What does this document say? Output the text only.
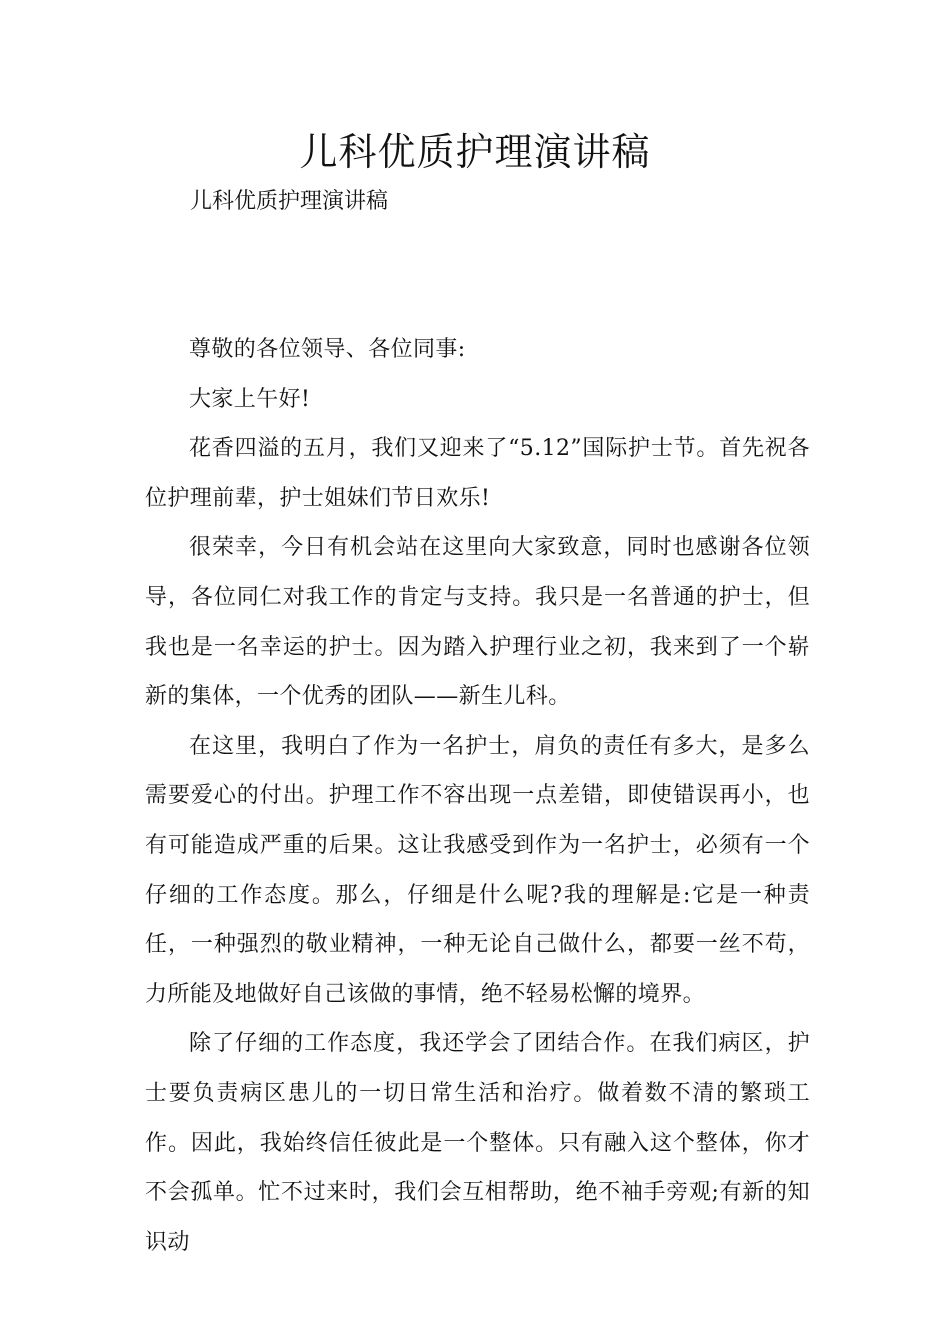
儿科优质护理演讲稿
儿科优质护理演讲稿

尊敬的各位领导、各位同事:

大家上午好!

花香四溢的五月，我们又迎来了“5.12”国际护士节。首先祝各位护理前辈，护士姐妹们节日欢乐!

很荣幸，今日有机会站在这里向大家致意，同时也感谢各位领导，各位同仁对我工作的肯定与支持。我只是一名普通的护士，但我也是一名幸运的护士。因为踏入护理行业之初，我来到了一个崭新的集体，一个优秀的团队——新生儿科。

在这里，我明白了作为一名护士，肩负的责任有多大，是多么需要爱心的付出。护理工作不容出现一点差错，即使错误再小，也有可能造成严重的后果。这让我感受到作为一名护士，必须有一个仔细的工作态度。那么，仔细是什么呢?我的理解是:它是一种责任，一种强烈的敬业精神，一种无论自己做什么，都要一丝不苟，力所能及地做好自己该做的事情，绝不轻易松懈的境界。

除了仔细的工作态度，我还学会了团结合作。在我们病区，护士要负责病区患儿的一切日常生活和治疗。做着数不清的繁琐工作。因此，我始终信任彼此是一个整体。只有融入这个整体，你才不会孤单。忙不过来时，我们会互相帮助，绝不袖手旁观;有新的知识动
